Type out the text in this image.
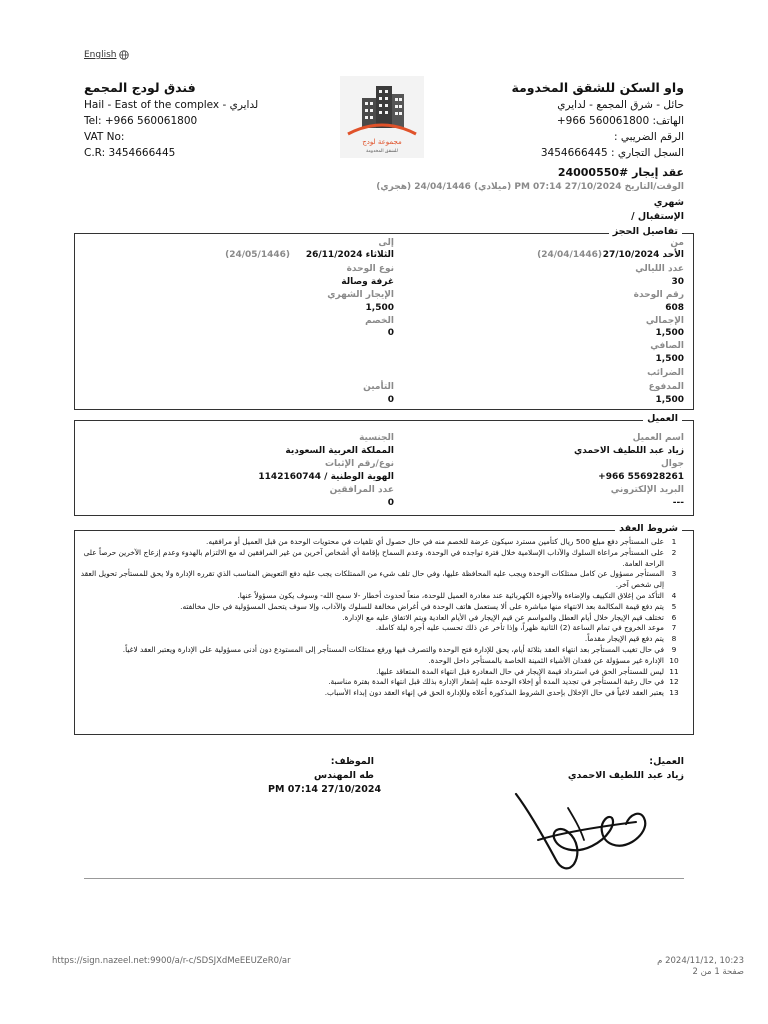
English
فندق لودج المجمع
Hail - East of the complex - لدايري
Tel: +966 560061800
VAT No:
C.R: 3454666445
مجموعة لودج
للشقق المخدومة
واو السكن للشقق المخدومة
حائل - شرق المجمع - لدايري
الهاتف: 560061800 966+
الرقم الضريبي :
السجل التجاري : 3454666445
عقد إيجار #24000550
الوقت/التاريخ PM 07:14 27/10/2024 (ميلادي) 24/04/1446 (هجري)
شهري
الإستقبال /
تفاصيل الحجز
من
الأحد 27/10/2024
(24/04/1446)
عدد الليالي
30
رقم الوحدة
608
الإجمالي
1,500
الصافي
1,500
الضرائب
المدفوع
1,500
إلى
الثلاثاء 26/11/2024
(24/05/1446)
نوع الوحدة
غرفة وصالة
الإيجار الشهري
1,500
الخصم
0
التأمين
0
العميل
اسم العميل
زياد عبد اللطيف الاحمدي
جوال
+966 556928261
البريد الإلكتروني
---
الجنسية
المملكة العربية السعودية
نوع/رقم الإثبات
الهوية الوطنية / 1142160744
عدد المرافقين
0
شروط العقد
1
على المستأجر دفع مبلغ 500 ريال كتأمين مسترد سيكون عرضة للخصم منه في حال حصول أي تلفيات في محتويات الوحدة من قبل العميل أو مرافقيه.
2
على المستأجر مراعاة السلوك والآداب الإسلامية خلال فترة تواجده في الوحدة، وعدم السماح بإقامة أي أشخاص آخرين من غير المرافقين له مع الالتزام بالهدوء وعدم إزعاج الآخرين حرصاً على الراحة العامة.
3
المستأجر مسؤول عن كامل ممتلكات الوحدة ويجب عليه المحافظة عليها، وفي حال تلف شيء من الممتلكات يجب عليه دفع التعويض المناسب الذي تقرره الإدارة ولا يحق للمستأجر تحويل العقد إلى شخص آخر.
4
التأكد من إغلاق التكييف والإضاءة والأجهزة الكهربائية عند مغادرة العميل للوحدة، منعاً لحدوث أخطار -لا سمح الله- وسوف يكون مسؤولاً عنها.
5
يتم دفع قيمة المكالمة بعد الانتهاء منها مباشرة على ألا يستعمل هاتف الوحدة في أغراض مخالفة للسلوك والآداب، وإلا سوف يتحمل المسؤولية في حال مخالفته.
6
تختلف قيم الإيجار خلال أيام العطل والمواسم عن قيم الإيجار في الأيام العادية ويتم الاتفاق عليه مع الإدارة.
7
موعد الخروج في تمام الساعة (2) الثانية ظهراً، وإذا تأخر عن ذلك تحسب عليه أجرة ليلة كاملة.
8
يتم دفع قيم الإيجار مقدماً.
9
في حال تغيب المستأجر بعد انتهاء العقد بثلاثة أيام، يحق للإدارة فتح الوحدة والتصرف فيها ورفع ممتلكات المستأجر إلى المستودع دون أدنى مسؤولية على الإدارة ويعتبر العقد لاغياً.
10
الإدارة غير مسؤولة عن فقدان الأشياء الثمينة الخاصة بالمستأجر داخل الوحدة.
11
ليس للمستأجر الحق في استرداد قيمة الإيجار في حال المغادرة قبل انتهاء المدة المتعاقد عليها.
12
في حال رغبة المستأجر في تجديد المدة أو إخلاء الوحدة عليه إشعار الإدارة بذلك قبل انتهاء المدة بفترة مناسبة.
13
يعتبر العقد لاغياً في حال الإخلال بإحدى الشروط المذكورة أعلاه وللإدارة الحق في إنهاء العقد دون إبداء الأسباب.
العميل:
زياد عبد اللطيف الاحمدي
الموظف:
طه المهندس
PM 07:14 27/10/2024
https://sign.nazeel.net:9900/a/r-c/SDSJXdMeEEUZeR0/ar	10:23 ,2024/11/12 م
صفحة 1 من 2
